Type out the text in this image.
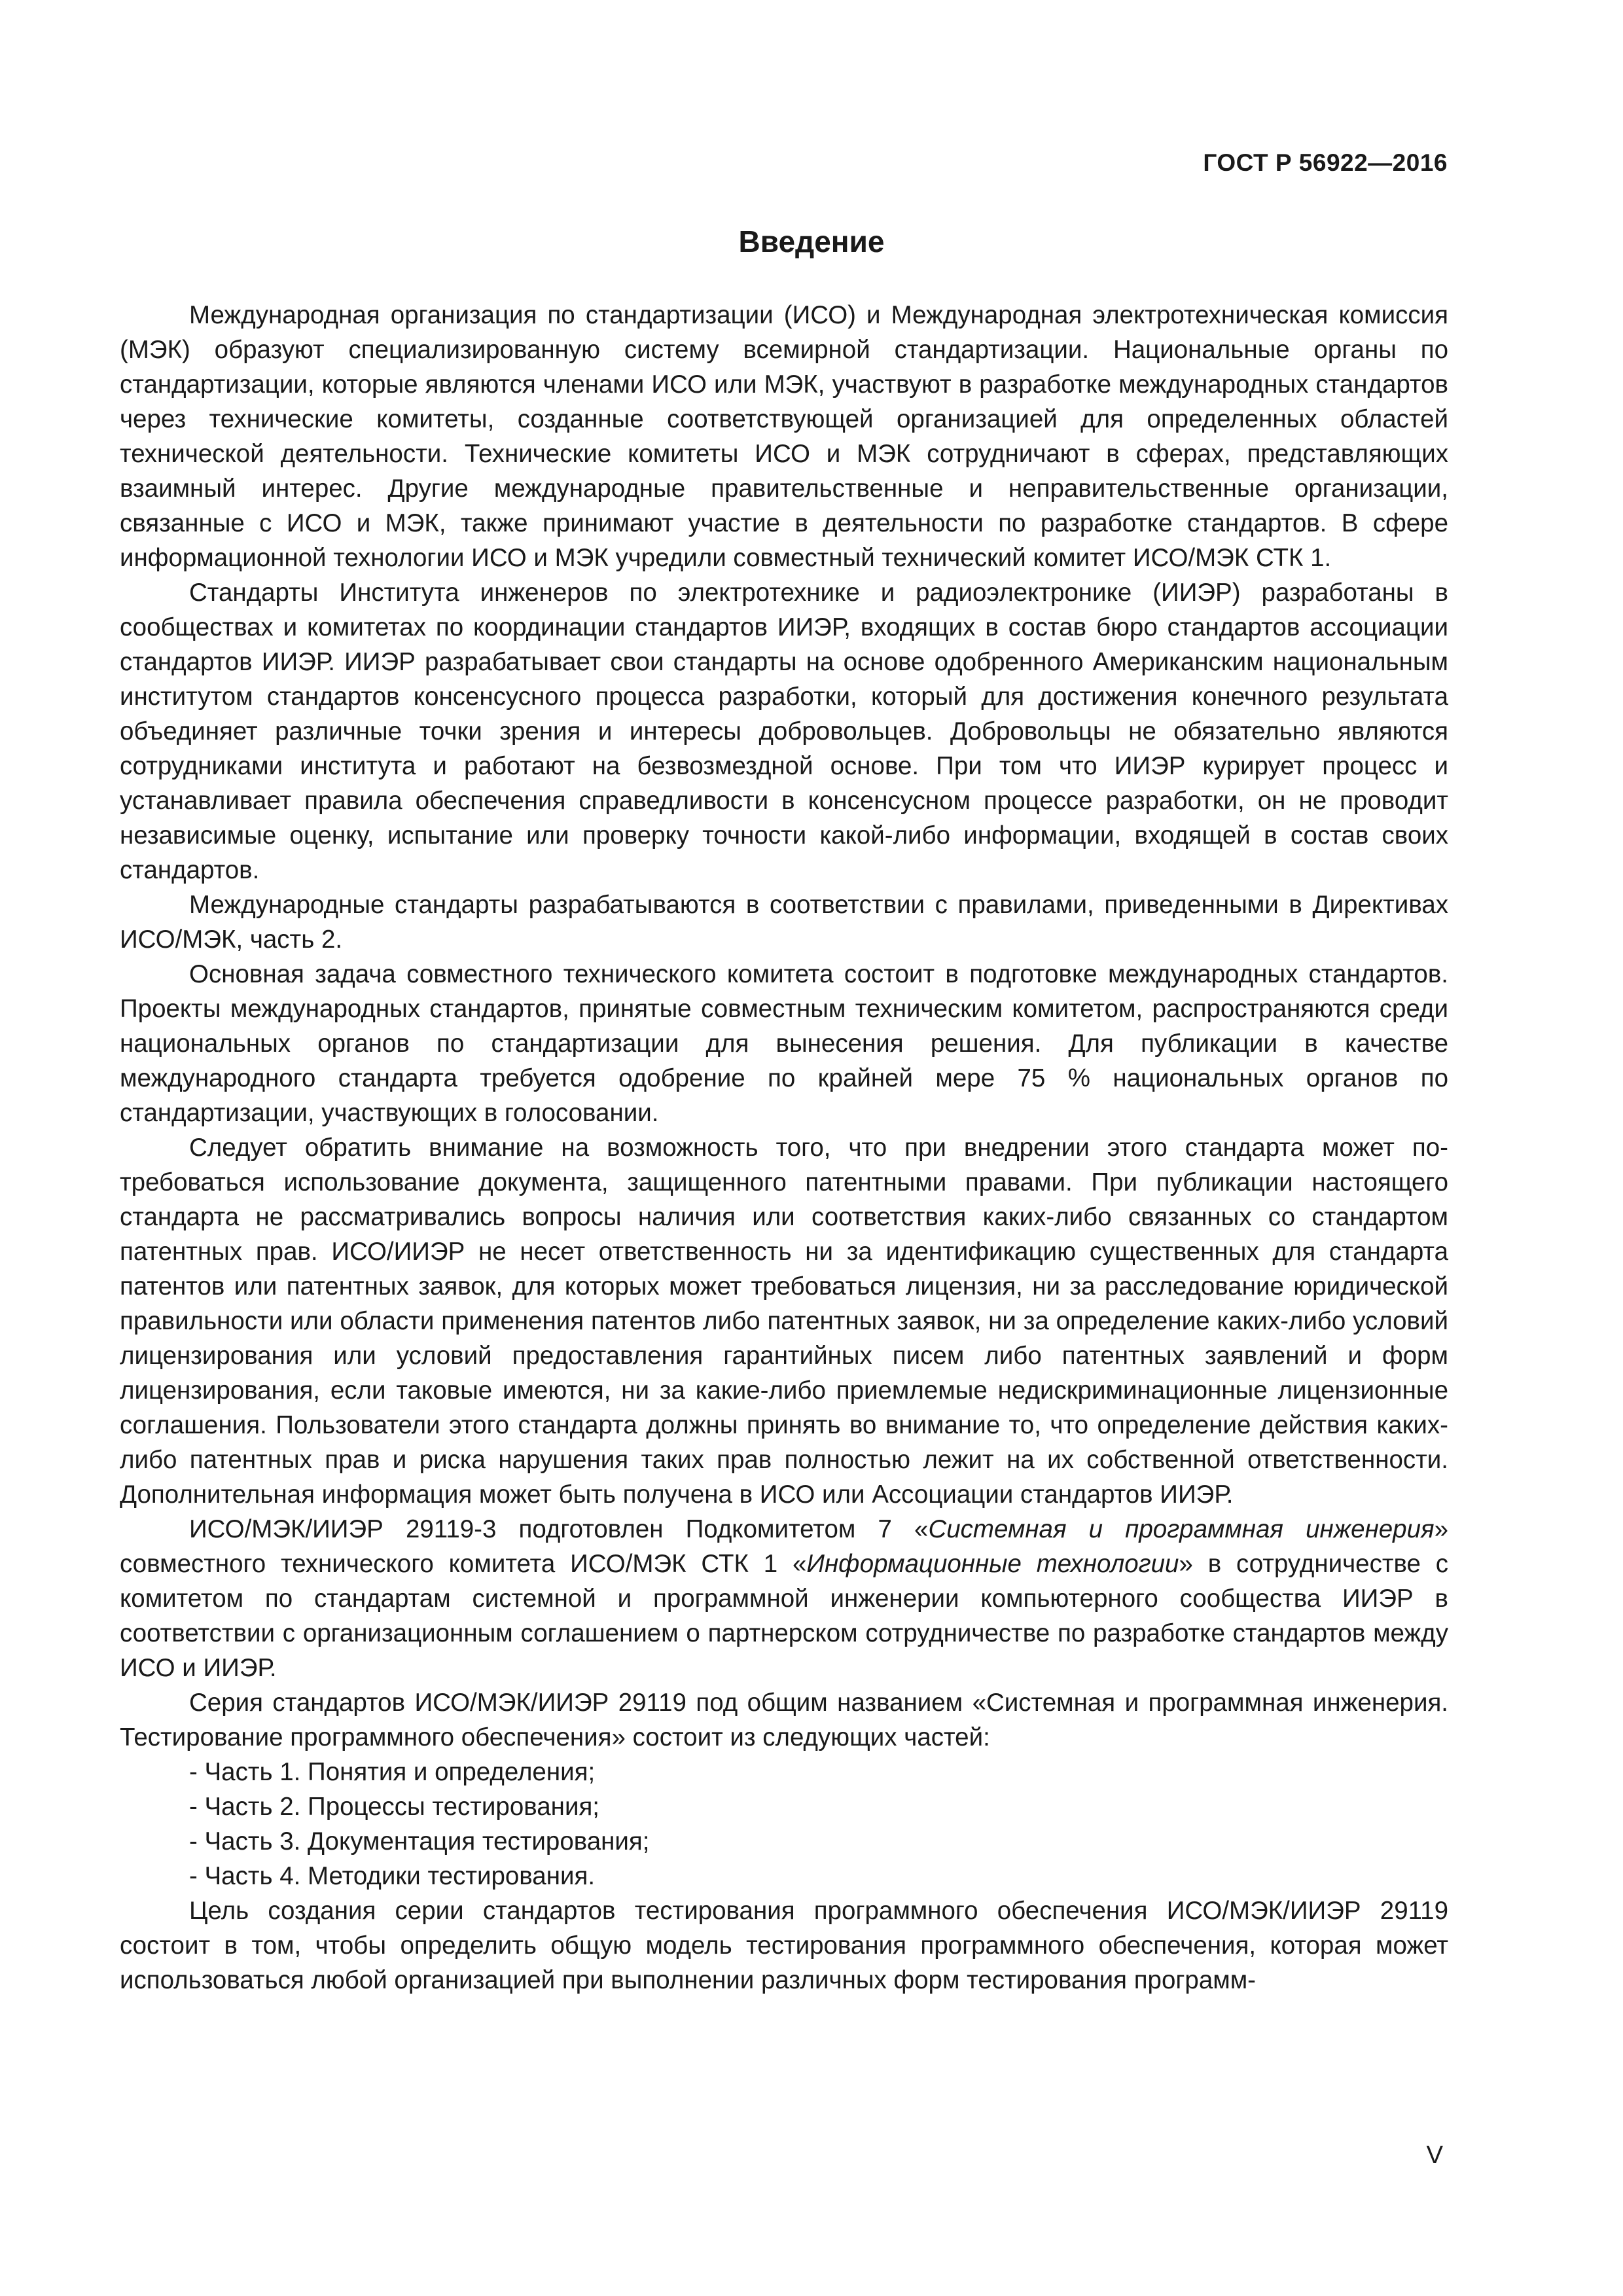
ГОСТ Р 56922—2016
Введение

Международная организация по стандартизации (ИСО) и Международная электротехническая комиссия (МЭК) образуют специализированную систему всемирной стандартизации. Национальные органы по стандартизации, которые являются членами ИСО или МЭК, участвуют в разработке международных стандартов через технические комитеты, созданные соответствующей организацией для определенных областей технической деятельности. Технические комитеты ИСО и МЭК сотрудничают в сферах, представляющих взаимный интерес. Другие международные правительственные и неправительственные организации, связанные с ИСО и МЭК, также принимают участие в деятельности по разработке стандартов. В сфере информационной технологии ИСО и МЭК учредили совместный технический комитет ИСО/МЭК СТК 1.

Стандарты Института инженеров по электротехнике и радиоэлектронике (ИИЭР) разработаны в сообществах и комитетах по координации стандартов ИИЭР, входящих в состав бюро стандартов ассоциации стандартов ИИЭР. ИИЭР разрабатывает свои стандарты на основе одобренного Американским национальным институтом стандартов консенсусного процесса разработки, который для достижения конечного результата объединяет различные точки зрения и интересы добровольцев. Добровольцы не обязательно являются сотрудниками института и работают на безвозмездной основе. При том что ИИЭР курирует процесс и устанавливает правила обеспечения справедливости в консенсусном процессе разработки, он не проводит независимые оценку, испытание или проверку точности какой-либо информации, входящей в состав своих стандартов.

Международные стандарты разрабатываются в соответствии с правилами, приведенными в Директивах ИСО/МЭК, часть 2.

Основная задача совместного технического комитета состоит в подготовке международных стандартов. Проекты международных стандартов, принятые совместным техническим комитетом, распространяются среди национальных органов по стандартизации для вынесения решения. Для публикации в качестве международного стандарта требуется одобрение по крайней мере 75 % национальных органов по стандартизации, участвующих в голосовании.

Следует обратить внимание на возможность того, что при внедрении этого стандарта может потребоваться использование документа, защищенного патентными правами. При публикации настоящего стандарта не рассматривались вопросы наличия или соответствия каких-либо связанных со стандартом патентных прав. ИСО/ИИЭР не несет ответственность ни за идентификацию существенных для стандарта патентов или патентных заявок, для которых может требоваться лицензия, ни за расследование юридической правильности или области применения патентов либо патентных заявок, ни за определение каких-либо условий лицензирования или условий предоставления гарантийных писем либо патентных заявлений и форм лицензирования, если таковые имеются, ни за какие-либо приемлемые недискриминационные лицензионные соглашения. Пользователи этого стандарта должны принять во внимание то, что определение действия каких-либо патентных прав и риска нарушения таких прав полностью лежит на их собственной ответственности. Дополнительная информация может быть получена в ИСО или Ассоциации стандартов ИИЭР.

ИСО/МЭК/ИИЭР 29119-3 подготовлен Подкомитетом 7 «Системная и программная инженерия» совместного технического комитета ИСО/МЭК СТК 1 «Информационные технологии» в сотрудничестве с комитетом по стандартам системной и программной инженерии компьютерного сообщества ИИЭР в соответствии с организационным соглашением о партнерском сотрудничестве по разработке стандартов между ИСО и ИИЭР.

Серия стандартов ИСО/МЭК/ИИЭР 29119 под общим названием «Системная и программная инженерия. Тестирование программного обеспечения» состоит из следующих частей:

- Часть 1. Понятия и определения;
- Часть 2. Процессы тестирования;
- Часть 3. Документация тестирования;
- Часть 4. Методики тестирования.

Цель создания серии стандартов тестирования программного обеспечения ИСО/МЭК/ИИЭР 29119 состоит в том, чтобы определить общую модель тестирования программного обеспечения, которая может использоваться любой организацией при выполнении различных форм тестирования программ-

V
